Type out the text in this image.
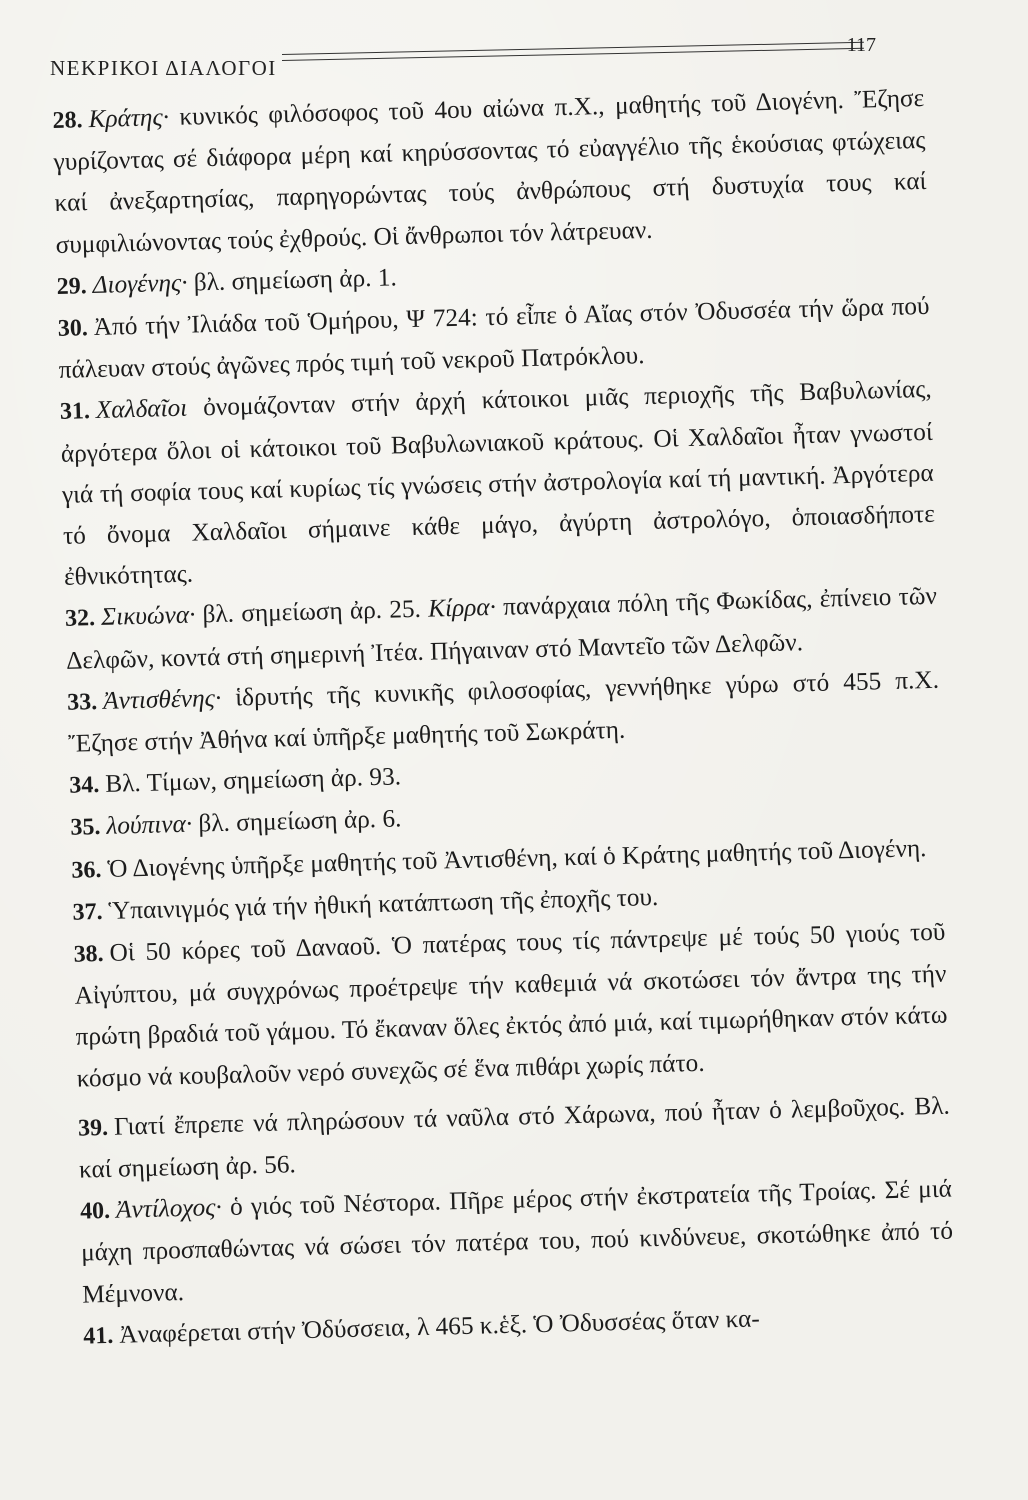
ΝΕΚΡΙΚΟΙ ΔΙΑΛΟΓΟΙ
117

28. Κράτης· κυνικός φιλόσοφος τοῦ 4ου αἰώνα π.Χ., μαθητής τοῦ Διογένη. Ἔζησε γυρίζοντας σέ διάφορα μέρη καί κηρύσσοντας τό εὐαγγέλιο τῆς ἑκούσιας φτώχειας καί ἀνεξαρτησίας, παρηγορώντας τούς ἀνθρώπους στή δυστυχία τους καί συμφιλιώνοντας τούς ἐχθρούς. Οἱ ἄνθρωποι τόν λάτρευαν.

29. Διογένης· βλ. σημείωση ἀρ. 1.

30. Ἀπό τήν Ἰλιάδα τοῦ Ὁμήρου, Ψ 724: τό εἶπε ὁ Αἴας στόν Ὀδυσσέα τήν ὥρα πού πάλευαν στούς ἀγῶνες πρός τιμή τοῦ νεκροῦ Πατρόκλου.

31. Χαλδαῖοι ὀνομάζονταν στήν ἀρχή κάτοικοι μιᾶς περιοχῆς τῆς Βαβυλωνίας, ἀργότερα ὅλοι οἱ κάτοικοι τοῦ Βαβυλωνιακοῦ κράτους. Οἱ Χαλδαῖοι ἦταν γνωστοί γιά τή σοφία τους καί κυρίως τίς γνώσεις στήν ἀστρολογία καί τή μαντική. Ἀργότερα τό ὄνομα Χαλδαῖοι σήμαινε κάθε μάγο, ἀγύρτη ἀστρολόγο, ὁποιασδήποτε ἐθνικότητας.

32. Σικυώνα· βλ. σημείωση ἀρ. 25. Κίρρα· πανάρχαια πόλη τῆς Φωκίδας, ἐπίνειο τῶν Δελφῶν, κοντά στή σημερινή Ἰτέα. Πήγαιναν στό Μαντεῖο τῶν Δελφῶν.

33. Ἀντισθένης· ἱδρυτής τῆς κυνικῆς φιλοσοφίας, γεννήθηκε γύρω στό 455 π.Χ. Ἔζησε στήν Ἀθήνα καί ὑπῆρξε μαθητής τοῦ Σωκράτη.

34. Βλ. Τίμων, σημείωση ἀρ. 93.

35. λούπινα· βλ. σημείωση ἀρ. 6.

36. Ὁ Διογένης ὑπῆρξε μαθητής τοῦ Ἀντισθένη, καί ὁ Κράτης μαθητής τοῦ Διογένη.

37. Ὑπαινιγμός γιά τήν ἠθική κατάπτωση τῆς ἐποχῆς του.

38. Οἱ 50 κόρες τοῦ Δαναοῦ. Ὁ πατέρας τους τίς πάντρεψε μέ τούς 50 γιούς τοῦ Αἰγύπτου, μά συγχρόνως προέτρεψε τήν καθεμιά νά σκοτώσει τόν ἄντρα της τήν πρώτη βραδιά τοῦ γάμου. Τό ἔκαναν ὅλες ἐκτός ἀπό μιά, καί τιμωρήθηκαν στόν κάτω κόσμο νά κουβαλοῦν νερό συνεχῶς σέ ἕνα πιθάρι χωρίς πάτο.

39. Γιατί ἔπρεπε νά πληρώσουν τά ναῦλα στό Χάρωνα, πού ἦταν ὁ λεμβοῦχος. Βλ. καί σημείωση ἀρ. 56.

40. Ἀντίλοχος· ὁ γιός τοῦ Νέστορα. Πῆρε μέρος στήν ἐκστρατεία τῆς Τροίας. Σέ μιά μάχη προσπαθώντας νά σώσει τόν πατέρα του, πού κινδύνευε, σκοτώθηκε ἀπό τό Μέμνονα.

41. Ἀναφέρεται στήν Ὀδύσσεια, λ 465 κ.ἑξ. Ὁ Ὀδυσσέας ὅταν κα-
